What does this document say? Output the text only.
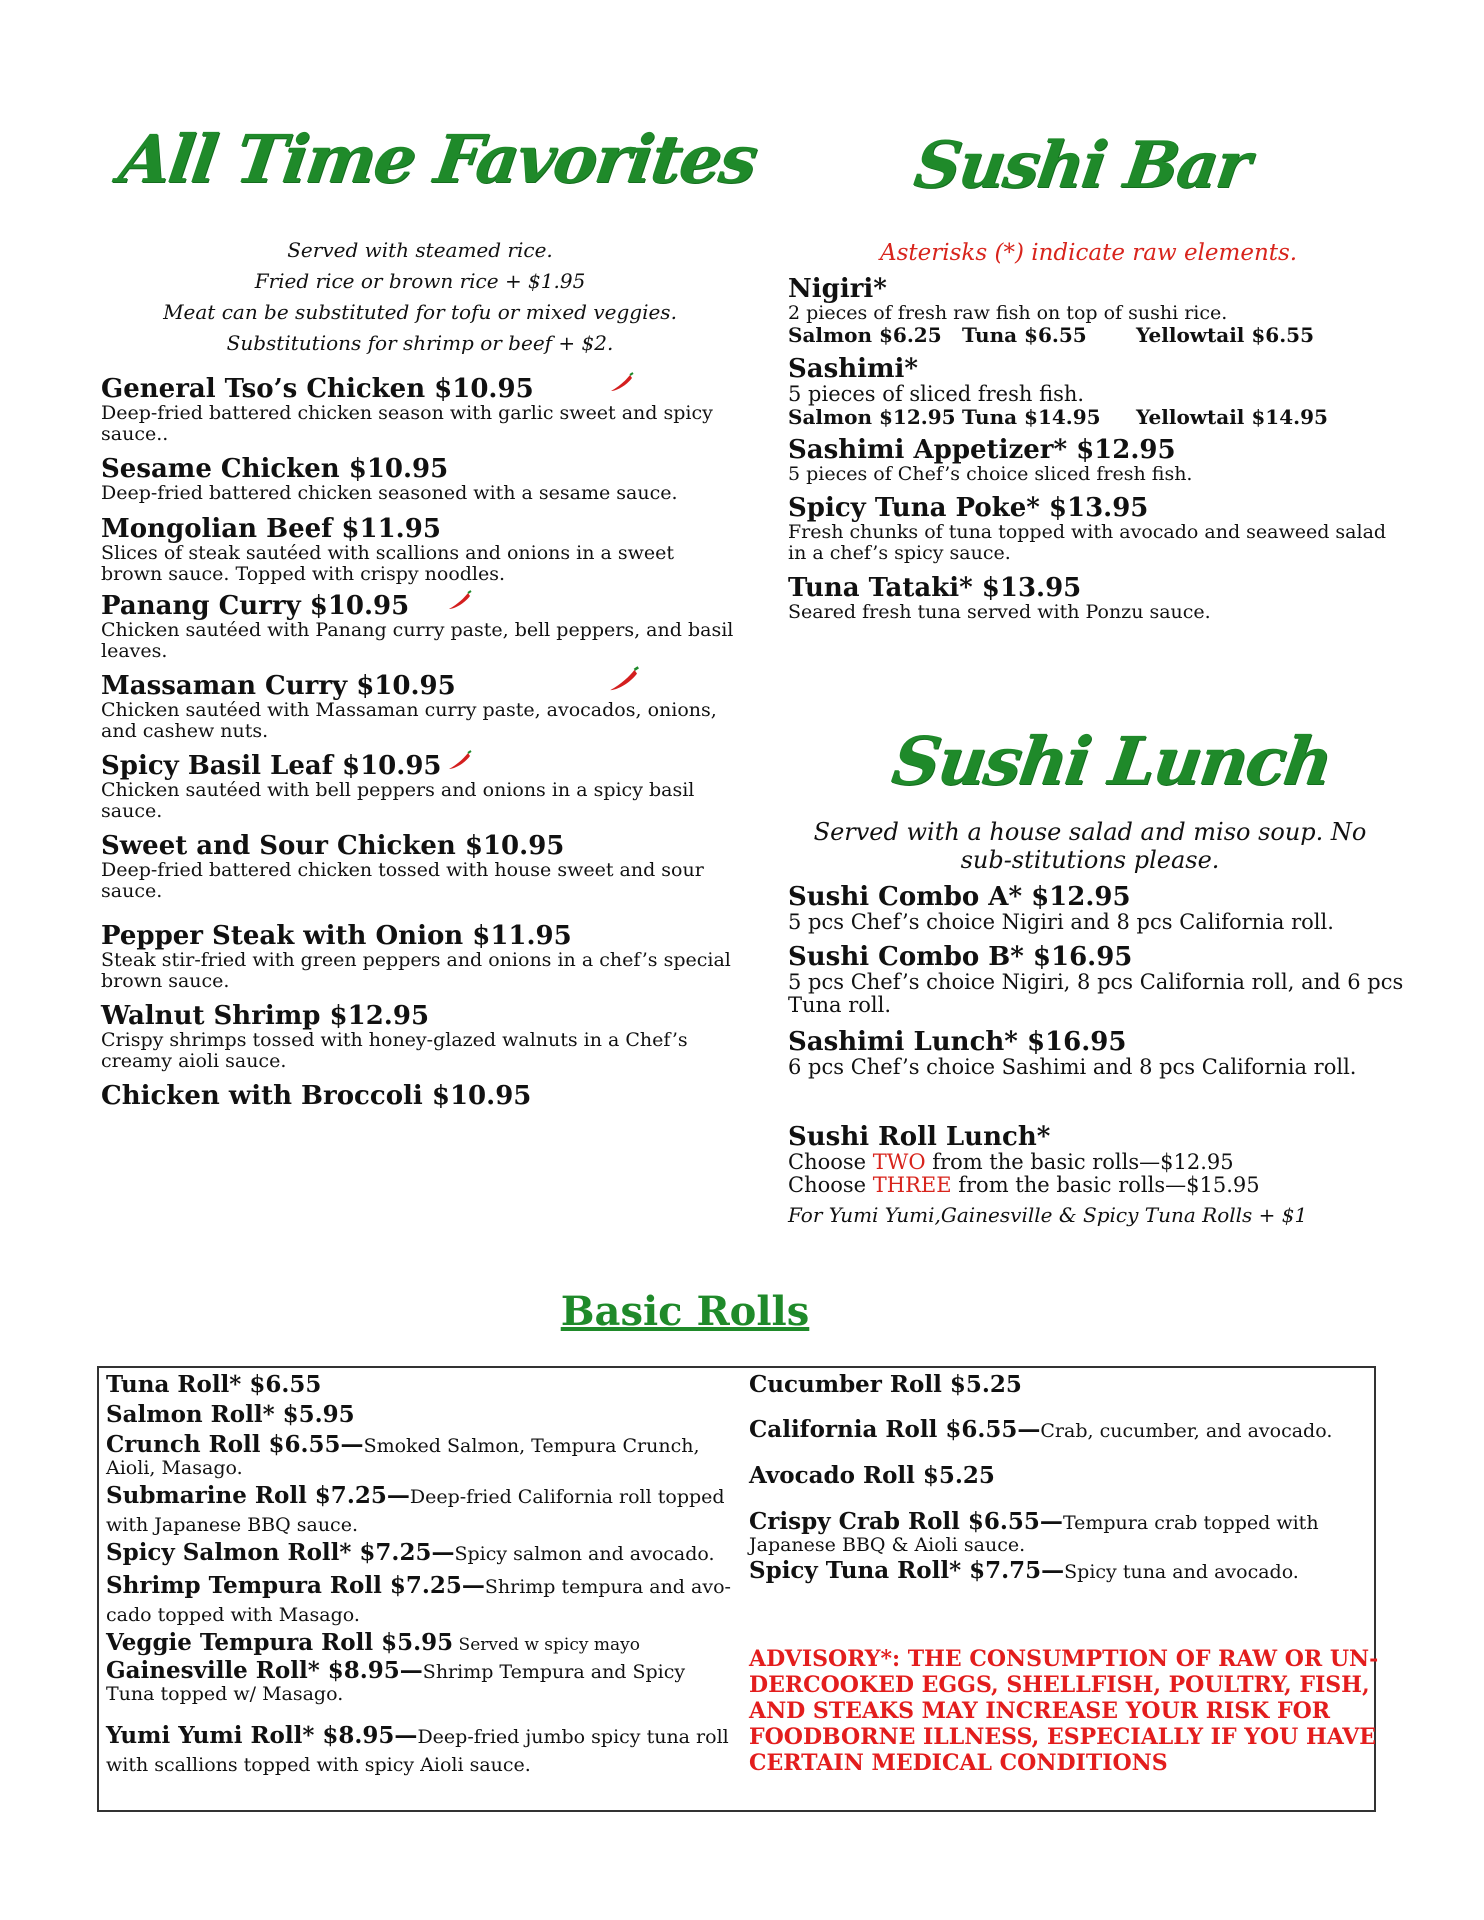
All Time Favorites
Served with steamed rice.
Fried rice or brown rice + $1.95
Meat can be substituted for tofu or mixed veggies.
Substitutions for shrimp or beef + $2.
General Tso’s Chicken $10.95
Deep-fried battered chicken season with garlic sweet and spicy sauce..
Sesame Chicken $10.95
Deep-fried battered chicken seasoned with a sesame sauce.
Mongolian Beef $11.95
Slices of steak sautéed with scallions and onions in a sweet brown sauce. Topped with crispy noodles.
Panang Curry $10.95
Chicken sautéed with Panang curry paste, bell peppers, and basil leaves.
Massaman Curry $10.95
Chicken sautéed with Massaman curry paste, avocados, onions, and cashew nuts.
Spicy Basil Leaf $10.95
Chicken sautéed with bell peppers and onions in a spicy basil sauce.
Sweet and Sour Chicken $10.95
Deep-fried battered chicken tossed with house sweet and sour sauce.
Pepper Steak with Onion $11.95
Steak stir-fried with green peppers and onions in a chef’s special brown sauce.
Walnut Shrimp $12.95
Crispy shrimps tossed with honey-glazed walnuts in a Chef’s creamy aioli sauce.
Chicken with Broccoli $10.95
Sushi Bar
Asterisks (*) indicate raw elements.
Nigiri*
2 pieces of fresh raw fish on top of sushi rice.
Salmon $6.25 Tuna $6.55 Yellowtail $6.55
Sashimi*
5 pieces of sliced fresh fish.
Salmon $12.95 Tuna $14.95 Yellowtail $14.95
Sashimi Appetizer* $12.95
5 pieces of Chef’s choice sliced fresh fish.
Spicy Tuna Poke* $13.95
Fresh chunks of tuna topped with avocado and seaweed salad in a chef’s spicy sauce.
Tuna Tataki* $13.95
Seared fresh tuna served with Ponzu sauce.
Sushi Lunch
Served with a house salad and miso soup. No sub-stitutions please.
Sushi Combo A* $12.95
5 pcs Chef’s choice Nigiri and 8 pcs California roll.
Sushi Combo B* $16.95
5 pcs Chef’s choice Nigiri, 8 pcs California roll, and 6 pcs Tuna roll.
Sashimi Lunch* $16.95
6 pcs Chef’s choice Sashimi and 8 pcs California roll.
Sushi Roll Lunch*
Choose TWO from the basic rolls—$12.95
Choose THREE from the basic rolls—$15.95
For Yumi Yumi,Gainesville & Spicy Tuna Rolls + $1
Basic Rolls
Tuna Roll* $6.55
Salmon Roll* $5.95
Crunch Roll $6.55—Smoked Salmon, Tempura Crunch, Aioli, Masago.
Submarine Roll $7.25—Deep-fried California roll topped with Japanese BBQ sauce.
Spicy Salmon Roll* $7.25—Spicy salmon and avocado.
Shrimp Tempura Roll $7.25—Shrimp tempura and avo-cado topped with Masago.
Veggie Tempura Roll $5.95 Served w spicy mayo
Gainesville Roll* $8.95—Shrimp Tempura and Spicy Tuna topped w/ Masago.
Yumi Yumi Roll* $8.95—Deep-fried jumbo spicy tuna roll with scallions topped with spicy Aioli sauce.
Cucumber Roll $5.25
California Roll $6.55—Crab, cucumber, and avocado.
Avocado Roll $5.25
Crispy Crab Roll $6.55—Tempura crab topped with Japanese BBQ & Aioli sauce.
Spicy Tuna Roll* $7.75—Spicy tuna and avocado.
ADVISORY*: THE CONSUMPTION OF RAW OR UN-DERCOOKED EGGS, SHELLFISH, POULTRY, FISH, AND STEAKS MAY INCREASE YOUR RISK FOR FOODBORNE ILLNESS, ESPECIALLY IF YOU HAVE CERTAIN MEDICAL CONDITIONS
